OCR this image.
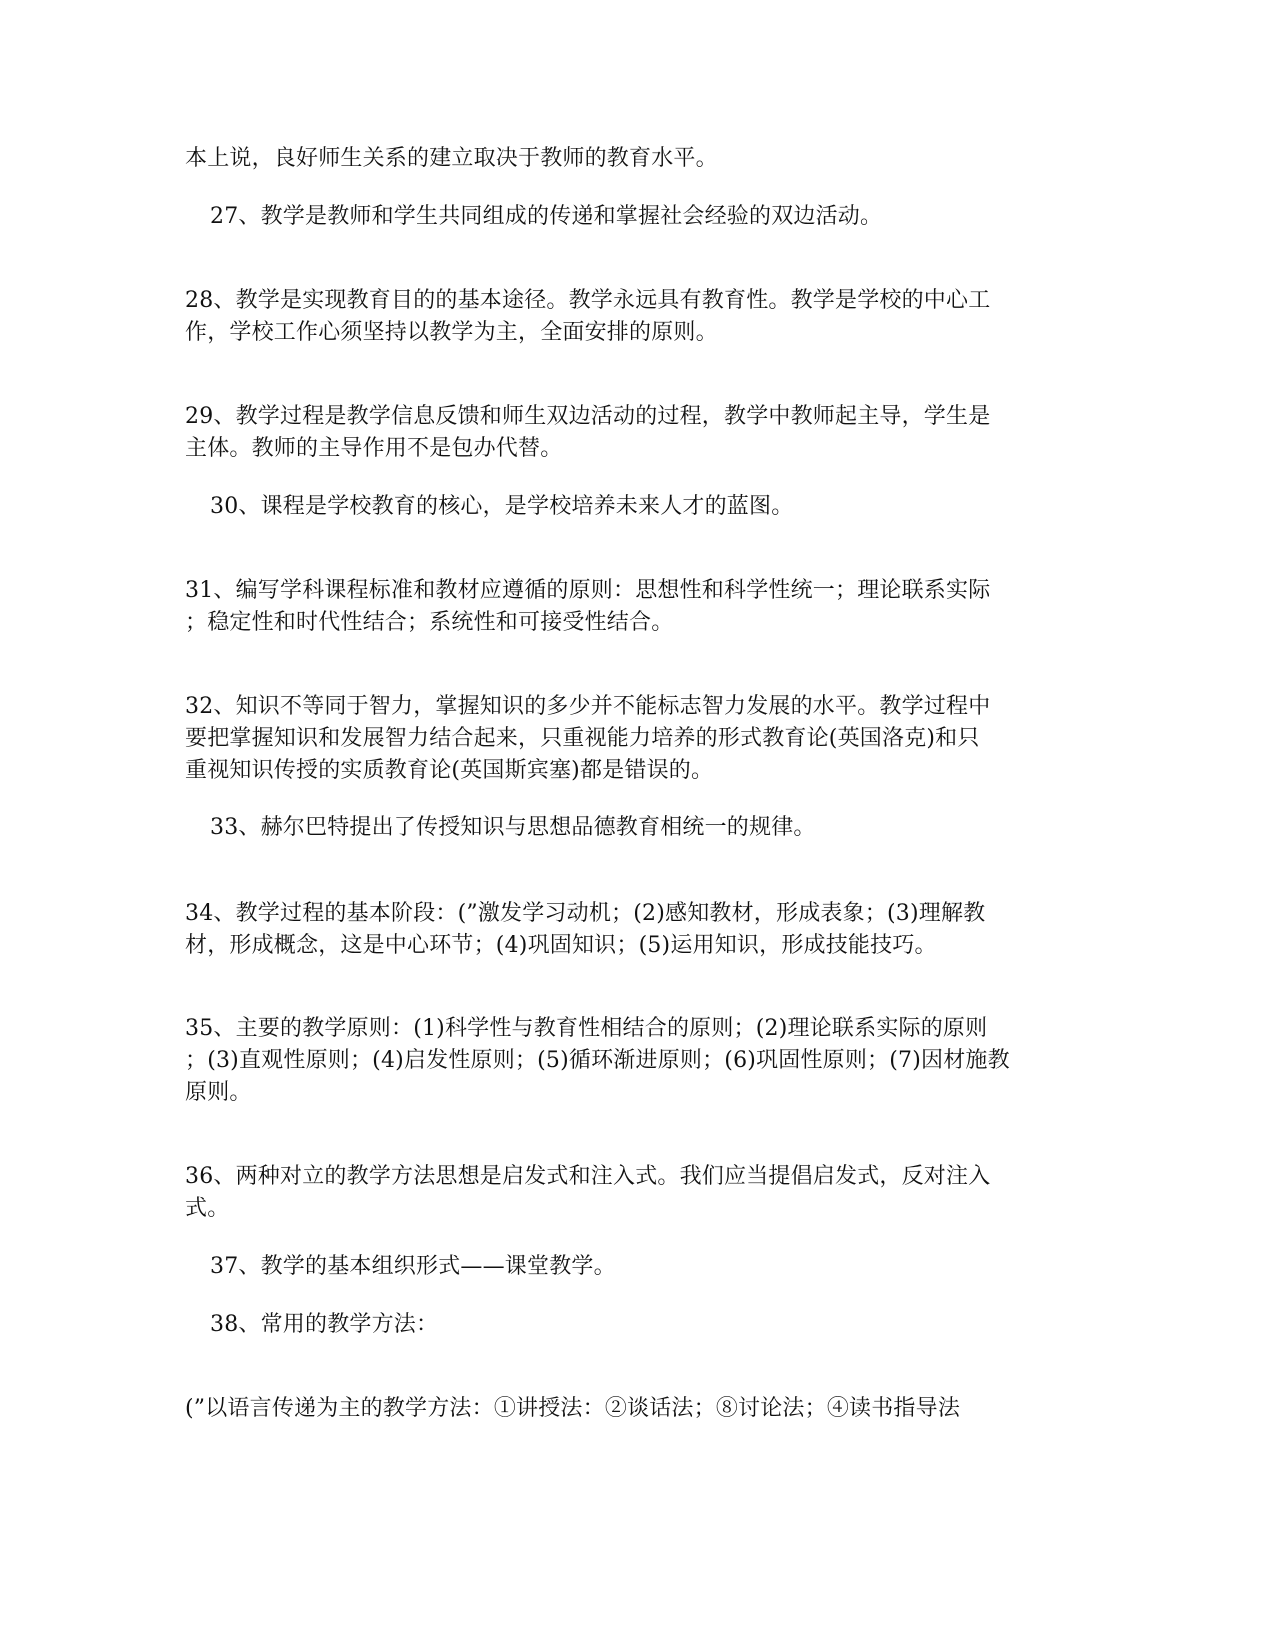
本上说，良好师生关系的建立取决于教师的教育水平。
27、教学是教师和学生共同组成的传递和掌握社会经验的双边活动。
28、教学是实现教育目的的基本途径。教学永远具有教育性。教学是学校的中心工
作，学校工作心须坚持以教学为主，全面安排的原则。
29、教学过程是教学信息反馈和师生双边活动的过程，教学中教师起主导，学生是
主体。教师的主导作用不是包办代替。
30、课程是学校教育的核心，是学校培养未来人才的蓝图。
31、编写学科课程标准和教材应遵循的原则：思想性和科学性统一；理论联系实际
；稳定性和时代性结合；系统性和可接受性结合。
32、知识不等同于智力，掌握知识的多少并不能标志智力发展的水平。教学过程中
要把掌握知识和发展智力结合起来，只重视能力培养的形式教育论(英国洛克)和只
重视知识传授的实质教育论(英国斯宾塞)都是错误的。
33、赫尔巴特提出了传授知识与思想品德教育相统一的规律。
34、教学过程的基本阶段：(”激发学习动机；(2)感知教材，形成表象；(3)理解教
材，形成概念，这是中心环节；(4)巩固知识；(5)运用知识，形成技能技巧。
35、主要的教学原则：(1)科学性与教育性相结合的原则；(2)理论联系实际的原则
；(3)直观性原则；(4)启发性原则；(5)循环渐进原则；(6)巩固性原则；(7)因材施教
原则。
36、两种对立的教学方法思想是启发式和注入式。我们应当提倡启发式，反对注入
式。
37、教学的基本组织形式——课堂教学。
38、常用的教学方法：
(”以语言传递为主的教学方法：①讲授法：②谈话法；⑧讨论法；④读书指导法
